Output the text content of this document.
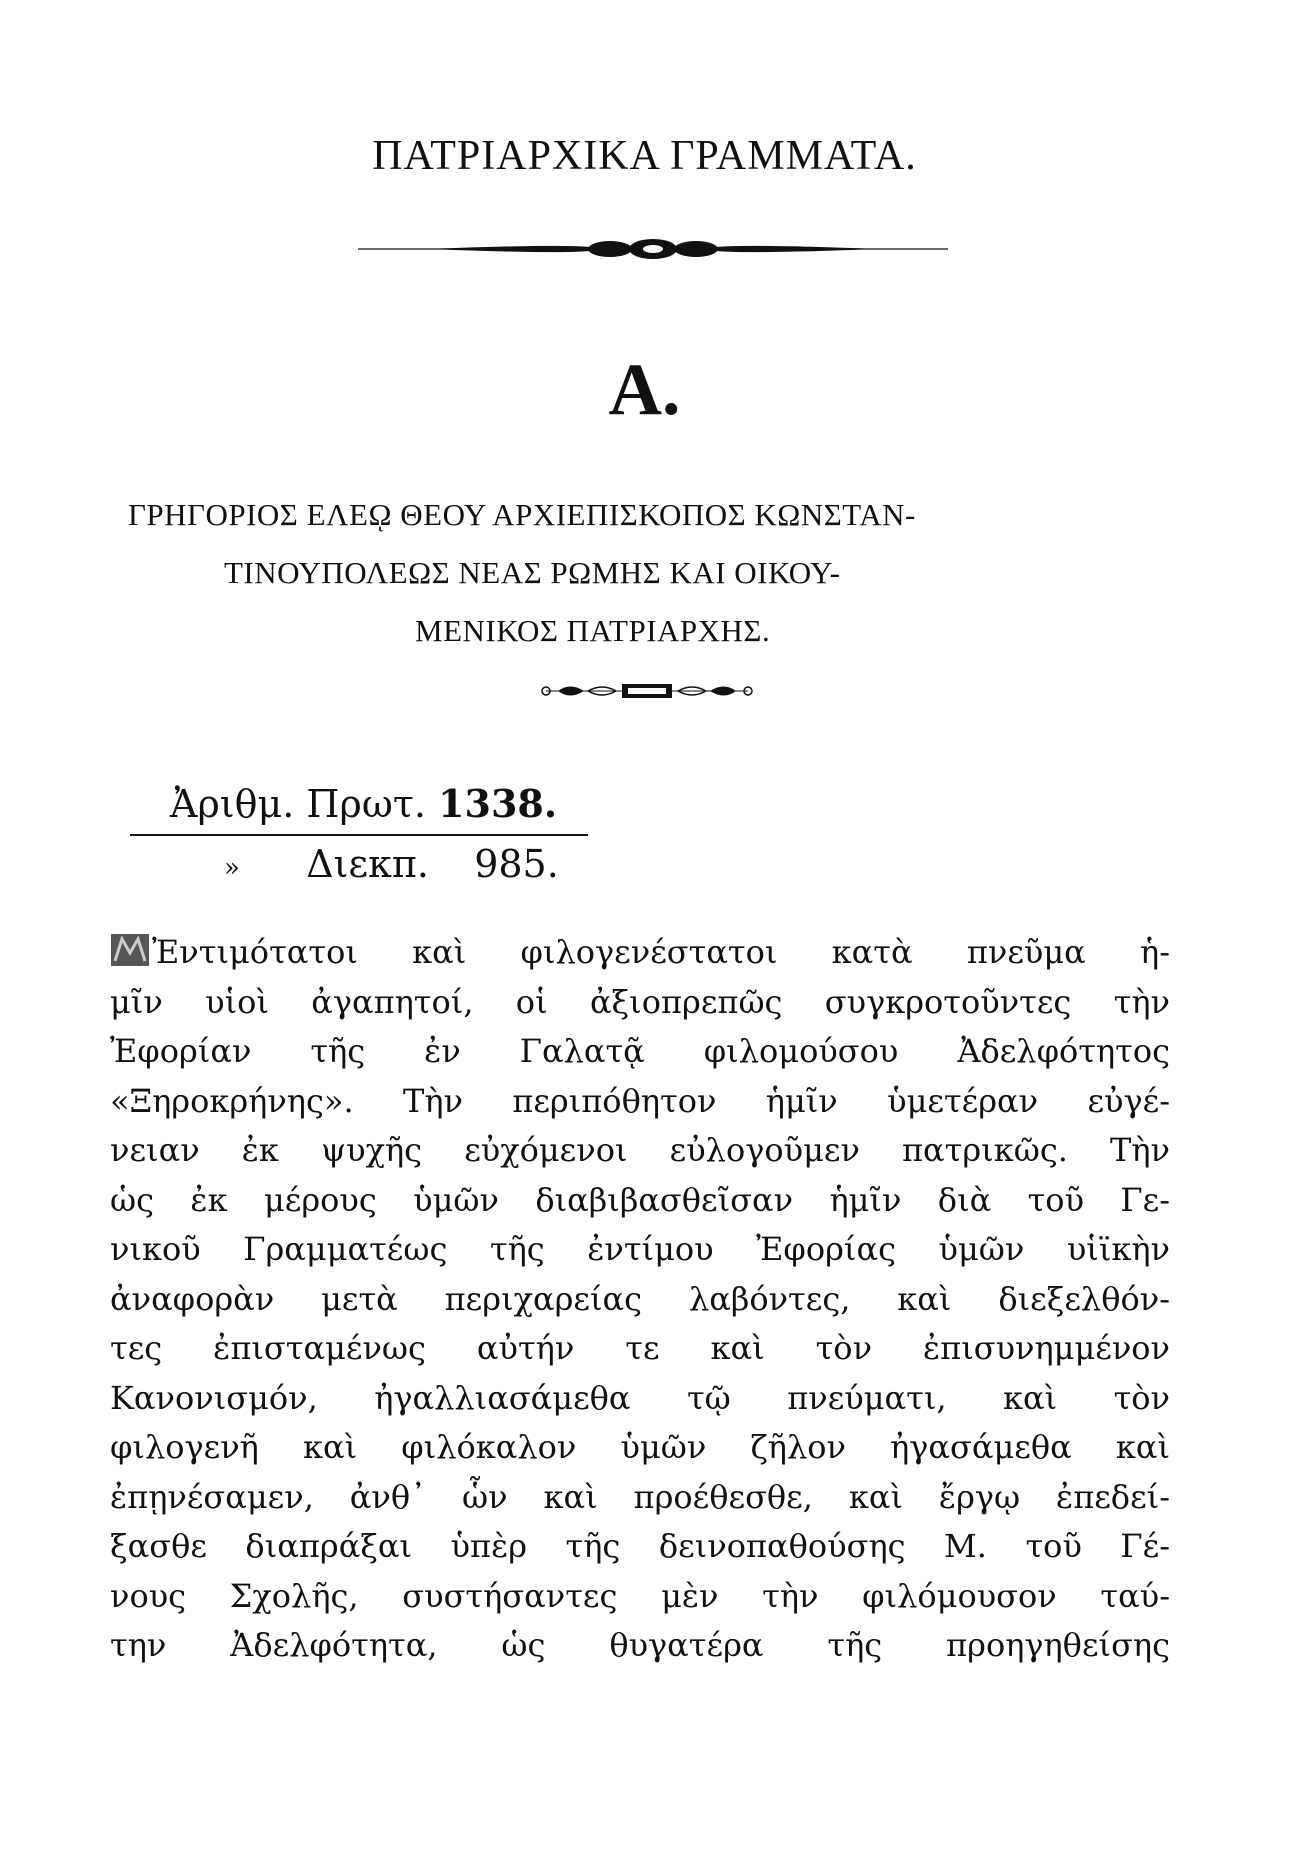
ΠΑΤΡΙΑΡΧΙΚΑ ΓΡΑΜΜΑΤΑ.
Α.
ΓΡΗΓΟΡΙΟΣ ΕΛΕῼ ΘΕΟΥ ΑΡΧΙΕΠΙΣΚΟΠΟΣ ΚΩΝΣΤΑΝ-
ΤΙΝΟΥΠΟΛΕΩΣ ΝΕΑΣ ΡΩΜΗΣ ΚΑΙ ΟΙΚΟΥ-
ΜΕΝΙΚΟΣ ΠΑΤΡΙΑΡΧΗΣ.
Ἀριθμ. Πρωτ. 1338.
» Διεκπ. 985.
Ἐντιμότατοι καὶ φιλογενέστατοι κατὰ πνεῦμα ἡ-
μῖν υἱοὶ ἀγαπητοί, οἱ ἀξιοπρεπῶς συγκροτοῦντες τὴν
Ἐφορίαν τῆς ἐν Γαλατᾷ φιλομούσου Ἀδελφότητος
«Ξηροκρήνης». Τὴν περιπόθητον ἡμῖν ὑμετέραν εὐγέ-
νειαν ἐκ ψυχῆς εὐχόμενοι εὐλογοῦμεν πατρικῶς. Τὴν
ὡς ἐκ μέρους ὑμῶν διαβιβασθεῖσαν ἡμῖν διὰ τοῦ Γε-
νικοῦ Γραμματέως τῆς ἐντίμου Ἐφορίας ὑμῶν υἱϊκὴν
ἀναφορὰν μετὰ περιχαρείας λαβόντες, καὶ διεξελθόν-
τες ἐπισταμένως αὐτήν τε καὶ τὸν ἐπισυνημμένον
Κανονισμόν, ἠγαλλιασάμεθα τῷ πνεύματι, καὶ τὸν
φιλογενῆ καὶ φιλόκαλον ὑμῶν ζῆλον ἠγασάμεθα καὶ
ἐπῃνέσαμεν, ἀνθ᾽ ὧν καὶ προέθεσθε, καὶ ἔργῳ ἐπεδεί-
ξασθε διαπράξαι ὑπὲρ τῆς δεινοπαθούσης Μ. τοῦ Γέ-
νους Σχολῆς, συστήσαντες μὲν τὴν φιλόμουσον ταύ-
την Ἀδελφότητα, ὡς θυγατέρα τῆς προηγηθείσης
